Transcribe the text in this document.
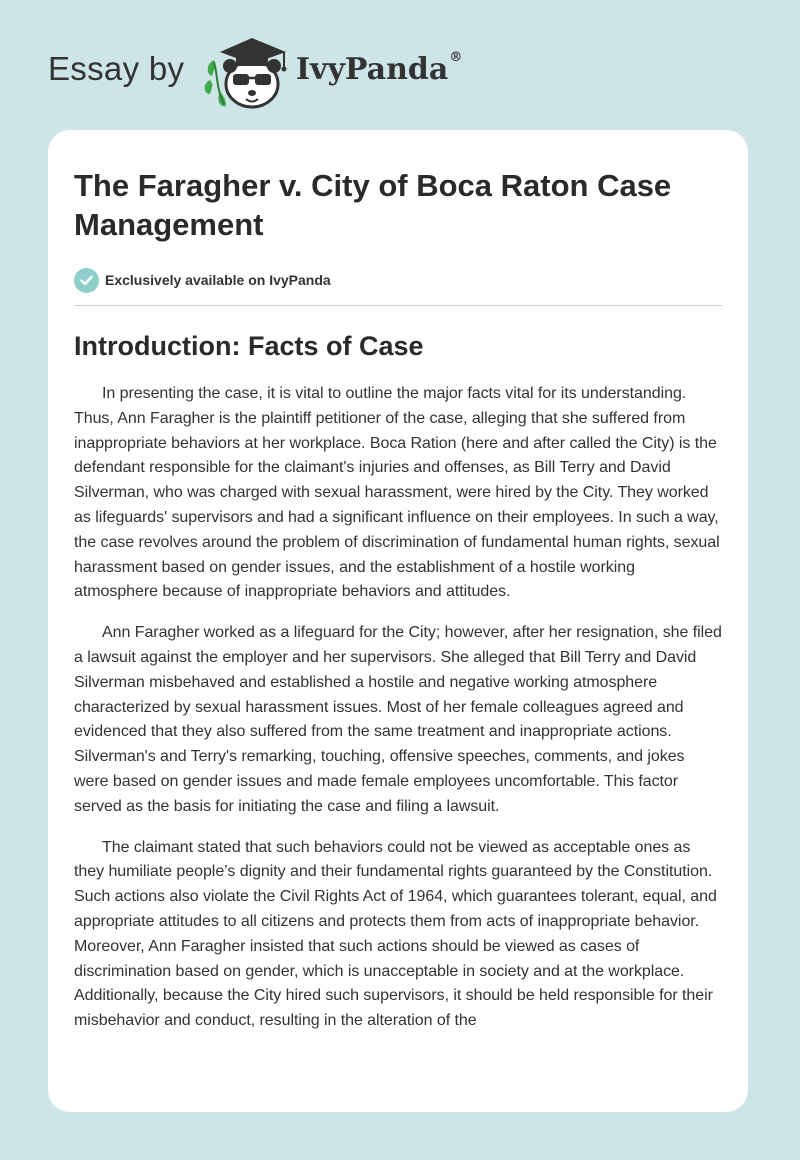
Essay by	IvyPanda®
The Faragher v. City of Boca Raton Case Management
Exclusively available on IvyPanda
Introduction: Facts of Case

In presenting the case, it is vital to outline the major facts vital for its understanding. Thus, Ann Faragher is the plaintiff petitioner of the case, alleging that she suffered from inappropriate behaviors at her workplace. Boca Ration (here and after called the City) is the defendant responsible for the claimant's injuries and offenses, as Bill Terry and David Silverman, who was charged with sexual harassment, were hired by the City. They worked as lifeguards' supervisors and had a significant influence on their employees. In such a way, the case revolves around the problem of discrimination of fundamental human rights, sexual harassment based on gender issues, and the establishment of a hostile working atmosphere because of inappropriate behaviors and attitudes.

Ann Faragher worked as a lifeguard for the City; however, after her resignation, she filed a lawsuit against the employer and her supervisors. She alleged that Bill Terry and David Silverman misbehaved and established a hostile and negative working atmosphere characterized by sexual harassment issues. Most of her female colleagues agreed and evidenced that they also suffered from the same treatment and inappropriate actions. Silverman's and Terry's remarking, touching, offensive speeches, comments, and jokes were based on gender issues and made female employees uncomfortable. This factor served as the basis for initiating the case and filing a lawsuit.

The claimant stated that such behaviors could not be viewed as acceptable ones as they humiliate people’s dignity and their fundamental rights guaranteed by the Constitution. Such actions also violate the Civil Rights Act of 1964, which guarantees tolerant, equal, and appropriate attitudes to all citizens and protects them from acts of inappropriate behavior. Moreover, Ann Faragher insisted that such actions should be viewed as cases of discrimination based on gender, which is unacceptable in society and at the workplace. Additionally, because the City hired such supervisors, it should be held responsible for their misbehavior and conduct, resulting in the alteration of the
